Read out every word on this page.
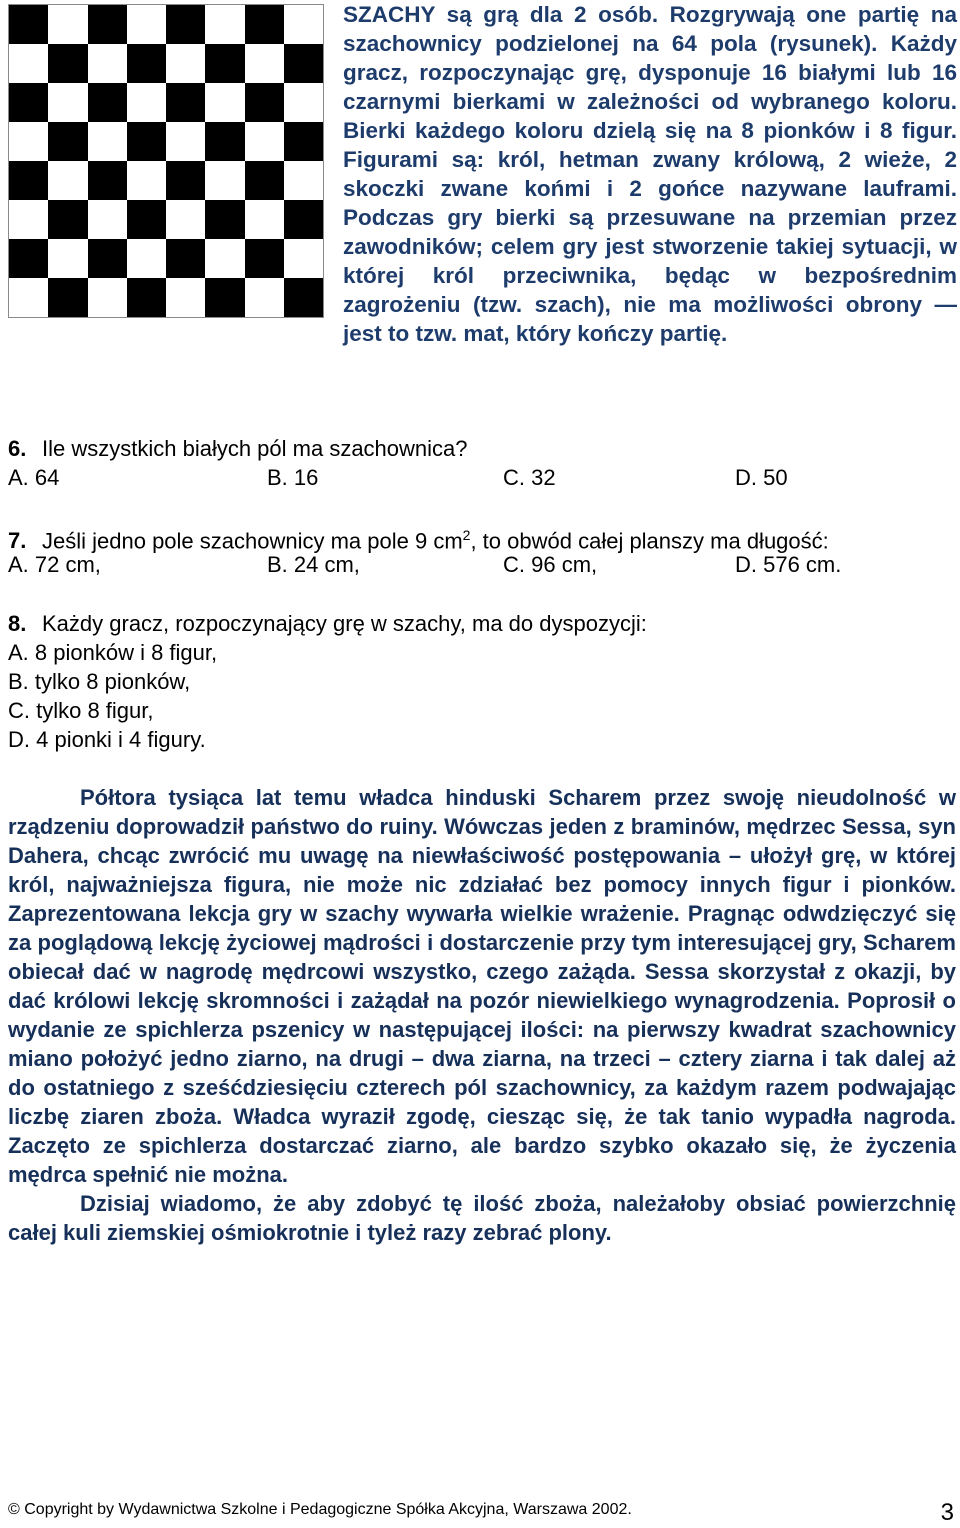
SZACHY są grą dla 2 osób. Rozgrywają one partię na szachownicy podzielonej na 64 pola (rysunek). Każdy gracz, rozpoczynając grę, dysponuje 16 białymi lub 16 czarnymi bierkami w zależności od wybranego koloru. Bierki każdego koloru dzielą się na 8 pionków i 8 figur. Figurami są: król, hetman zwany królową, 2 wieże, 2 skoczki zwane końmi i 2 gońce nazywane lauframi. Podczas gry bierki są przesuwane na przemian przez zawodników; celem gry jest stworzenie takiej sytuacji, w której król przeciwnika, będąc w bezpośrednim zagrożeniu (tzw. szach), nie ma możliwości obrony — jest to tzw. mat, który kończy partię.

6. Ile wszystkich białych pól ma szachownica?
A. 64	B. 16	C. 32	D. 50
7. Jeśli jedno pole szachownicy ma pole 9 $cm^2$, to obwód całej planszy ma długość:
A. 72 cm,	B. 24 cm,	C. 96 cm,	D. 576 cm.
8. Każdy gracz, rozpoczynający grę w szachy, ma do dyspozycji:
A. 8 pionków i 8 figur,
B. tylko 8 pionków,
C. tylko 8 figur,
D. 4 pionki i 4 figury.

Półtora tysiąca lat temu władca hinduski Scharem przez swoję nieudolność w rządzeniu doprowadził państwo do ruiny. Wówczas jeden z braminów, mędrzec Sessa, syn Dahera, chcąc zwrócić mu uwagę na niewłaściwość postępowania – ułożył grę, w której król, najważniejsza figura, nie może nic zdziałać bez pomocy innych figur i pionków. Zaprezentowana lekcja gry w szachy wywarła wielkie wrażenie. Pragnąc odwdzięczyć się za poglądową lekcję życiowej mądrości i dostarczenie przy tym interesującej gry, Scharem obiecał dać w nagrodę mędrcowi wszystko, czego zażąda. Sessa skorzystał z okazji, by dać królowi lekcję skromności i zażądał na pozór niewielkiego wynagrodzenia. Poprosił o wydanie ze spichlerza pszenicy w następującej ilości: na pierwszy kwadrat szachownicy miano położyć jedno ziarno, na drugi – dwa ziarna, na trzeci – cztery ziarna i tak dalej aż do ostatniego z sześćdziesięciu czterech pól szachownicy, za każdym razem podwajając liczbę ziaren zboża. Władca wyraził zgodę, ciesząc się, że tak tanio wypadła nagroda. Zaczęto ze spichlerza dostarczać ziarno, ale bardzo szybko okazało się, że życzenia mędrca spełnić nie można.

Dzisiaj wiadomo, że aby zdobyć tę ilość zboża, należałoby obsiać powierzchnię całej kuli ziemskiej ośmiokrotnie i tyleż razy zebrać plony.

© Copyright by Wydawnictwa Szkolne i Pedagogiczne Spółka Akcyjna, Warszawa 2002.	3
